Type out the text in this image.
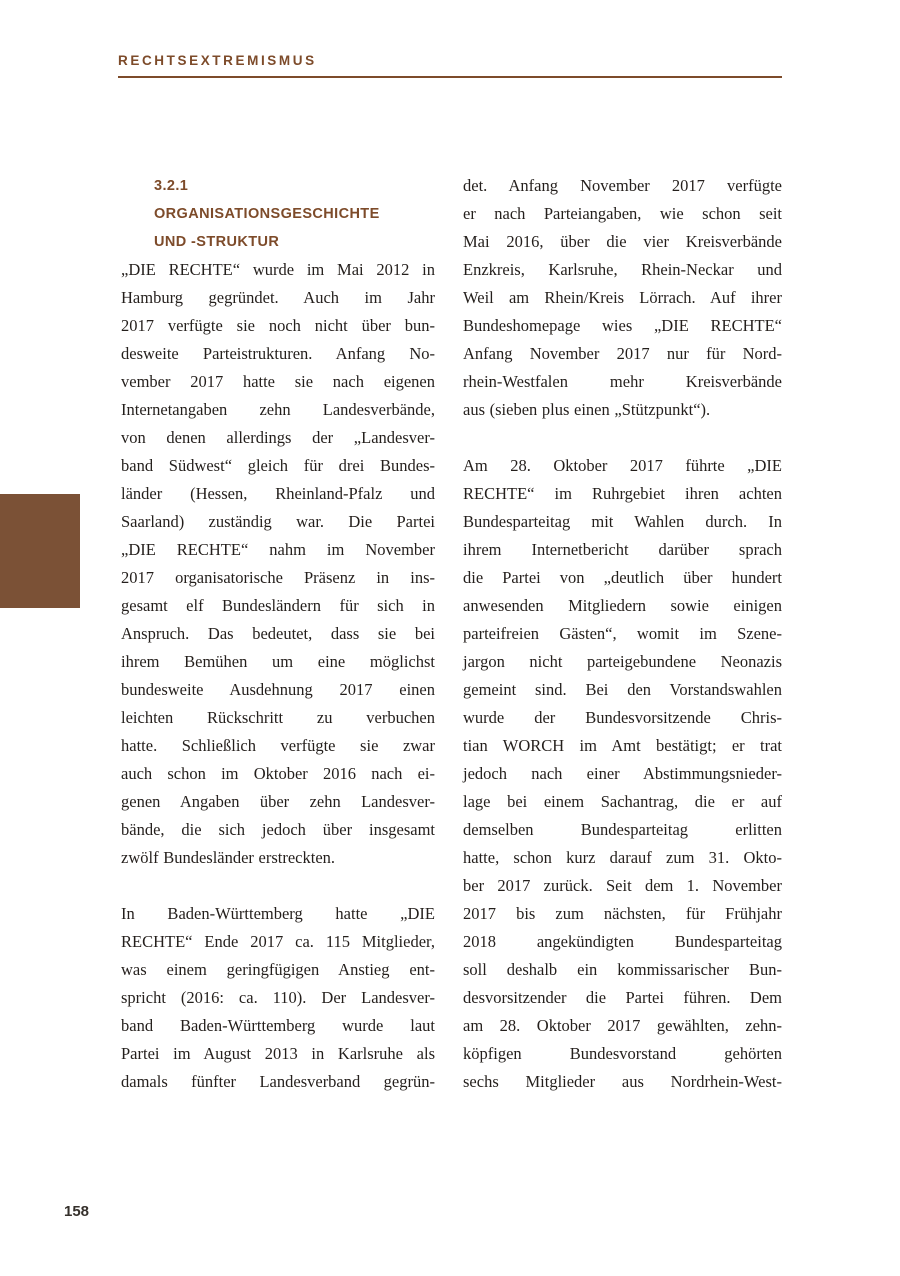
RECHTSEXTREMISMUS
3.2.1
ORGANISATIONSGESCHICHTE
UND -STRUKTUR
„DIE RECHTE“ wurde im Mai 2012 in
Hamburg gegründet. Auch im Jahr
2017 verfügte sie noch nicht über bun-
desweite Parteistrukturen. Anfang No-
vember 2017 hatte sie nach eigenen
Internetangaben zehn Landesverbände,
von denen allerdings der „Landesver-
band Südwest“ gleich für drei Bundes-
länder (Hessen, Rheinland-Pfalz und
Saarland) zuständig war. Die Partei
„DIE RECHTE“ nahm im November
2017 organisatorische Präsenz in ins-
gesamt elf Bundesländern für sich in
Anspruch. Das bedeutet, dass sie bei
ihrem Bemühen um eine möglichst
bundesweite Ausdehnung 2017 einen
leichten Rückschritt zu verbuchen
hatte. Schließlich verfügte sie zwar
auch schon im Oktober 2016 nach ei-
genen Angaben über zehn Landesver-
bände, die sich jedoch über insgesamt
zwölf Bundesländer erstreckten.
In Baden-Württemberg hatte „DIE
RECHTE“ Ende 2017 ca. 115 Mitglieder,
was einem geringfügigen Anstieg ent-
spricht (2016: ca. 110). Der Landesver-
band Baden-Württemberg wurde laut
Partei im August 2013 in Karlsruhe als
damals fünfter Landesverband gegrün-
det. Anfang November 2017 verfügte
er nach Parteiangaben, wie schon seit
Mai 2016, über die vier Kreisverbände
Enzkreis, Karlsruhe, Rhein-Neckar und
Weil am Rhein/Kreis Lörrach. Auf ihrer
Bundeshomepage wies „DIE RECHTE“
Anfang November 2017 nur für Nord-
rhein-Westfalen mehr Kreisverbände
aus (sieben plus einen „Stützpunkt“).
Am 28. Oktober 2017 führte „DIE
RECHTE“ im Ruhrgebiet ihren achten
Bundesparteitag mit Wahlen durch. In
ihrem Internetbericht darüber sprach
die Partei von „deutlich über hundert
anwesenden Mitgliedern sowie einigen
parteifreien Gästen“, womit im Szene-
jargon nicht parteigebundene Neonazis
gemeint sind. Bei den Vorstandswahlen
wurde der Bundesvorsitzende Chris-
tian WORCH im Amt bestätigt; er trat
jedoch nach einer Abstimmungsnieder-
lage bei einem Sachantrag, die er auf
demselben Bundesparteitag erlitten
hatte, schon kurz darauf zum 31. Okto-
ber 2017 zurück. Seit dem 1. November
2017 bis zum nächsten, für Frühjahr
2018 angekündigten Bundesparteitag
soll deshalb ein kommissarischer Bun-
desvorsitzender die Partei führen. Dem
am 28. Oktober 2017 gewählten, zehn-
köpfigen Bundesvorstand gehörten
sechs Mitglieder aus Nordrhein-West-
158
